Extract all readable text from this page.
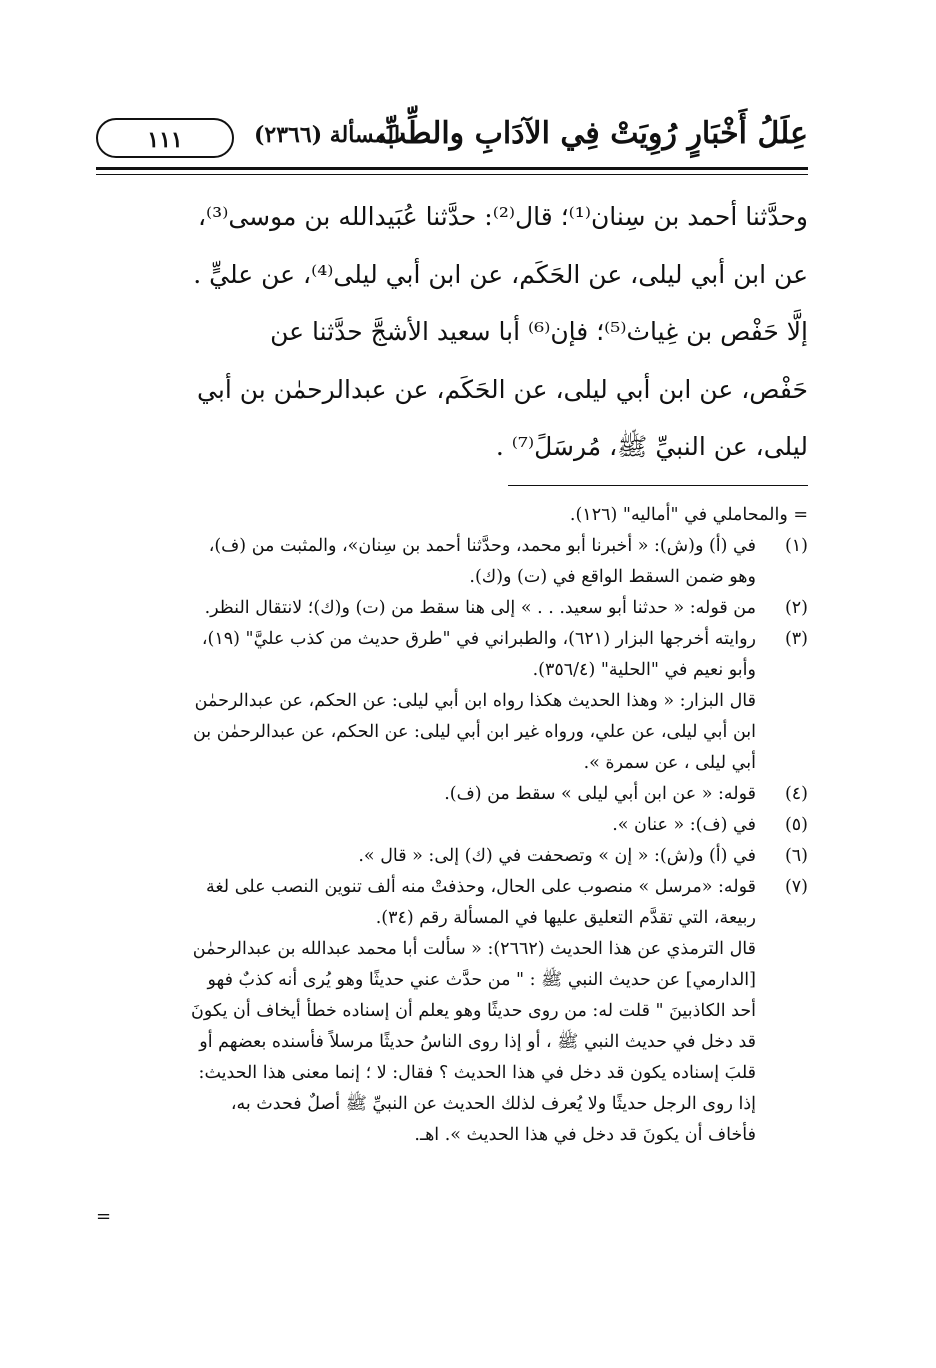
عِلَلُ أَخْبَارٍ رُوِيَتْ فِي الآدَابِ والطِّبِّ
المسألة (٢٣٦٦)
١١١

وحدَّثنا أحمد بن سِنان⁽¹⁾؛ قال⁽²⁾: حدَّثنا عُبَيدالله بن موسى⁽³⁾،
عن ابن أبي ليلى، عن الحَكَم، عن ابن أبي ليلى⁽⁴⁾، عن عليٍّ .

إلَّا حَفْص بن غِياث⁽⁵⁾؛ فإن⁽⁶⁾ أبا سعيد الأشجَّ حدَّثنا عن
حَفْص، عن ابن أبي ليلى، عن الحَكَم، عن عبدالرحمٰن بن أبي
ليلى، عن النبيِّ ﷺ، مُرسَلً⁽⁷⁾ .

= والمحاملي في "أماليه" (١٢٦).
(١)
في (أ) و(ش): « أخبرنا أبو محمد، وحدَّثنا أحمد بن سِنان»، والمثبت من (ف)،
وهو ضمن السقط الواقع في (ت) و(ك).
(٢)
من قوله: « حدثنا أبو سعيد. . . » إلى هنا سقط من (ت) و(ك)؛ لانتقال النظر.
(٣)
روايته أخرجها البزار (٦٢١)، والطبراني في "طرق حديث من كذب عليَّ" (١٩)،
وأبو نعيم في "الحلية" (٣٥٦/٤).
قال البزار: « وهذا الحديث هكذا رواه ابن أبي ليلى: عن الحكم، عن عبدالرحمٰن
ابن أبي ليلى، عن علي، ورواه غير ابن أبي ليلى: عن الحكم، عن عبدالرحمٰن بن
أبي ليلى ، عن سمرة ».
(٤)
قوله: « عن ابن أبي ليلى » سقط من (ف).
(٥)
في (ف): « عنان ».
(٦)
في (أ) و(ش): « إن » وتصحفت في (ك) إلى: « قال ».
(٧)
قوله: «مرسل » منصوب على الحال، وحذفتْ منه ألف تنوين النصب على لغة
ربيعة، التي تقدَّم التعليق عليها في المسألة رقم (٣٤).
قال الترمذي عن هذا الحديث (٢٦٦٢): « سألت أبا محمد عبدالله بن عبدالرحمٰن
[الدارمي] عن حديث النبي ﷺ : " من حدَّث عني حديثًا وهو يُرى أنه كذبٌ فهو
أحد الكاذبينَ " قلت له: من روى حديثًا وهو يعلم أن إسناده خطأ أيخاف أن يكونَ
قد دخل في حديث النبي ﷺ ، أو إذا روى الناسُ حديثًا مرسلاً فأسنده بعضهم أو
قلبَ إسناده يكون قد دخل في هذا الحديث ؟ فقال: لا ؛ إنما معنى هذا الحديث:
إذا روى الرجل حديثًا ولا يُعرف لذلك الحديث عن النبيِّ ﷺ أصلٌ فحدث به،
فأخاف أن يكونَ قد دخل في هذا الحديث ». اهـ.
=
